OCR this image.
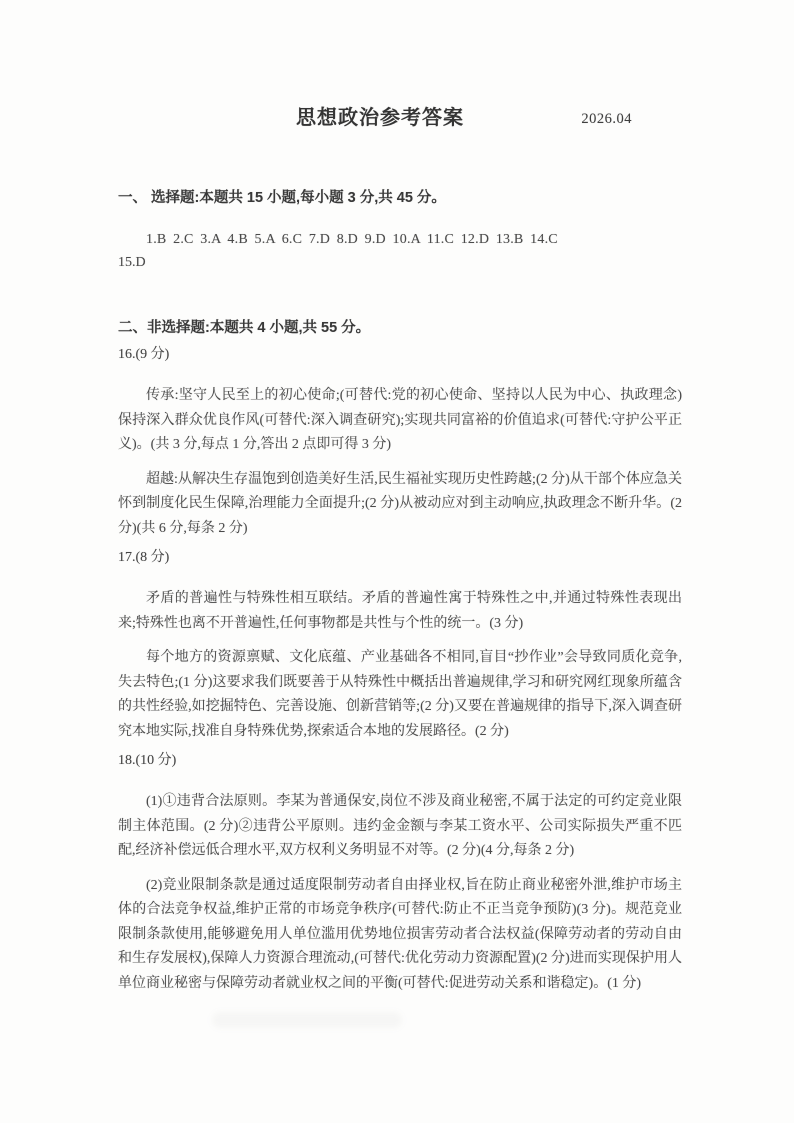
思想政治参考答案	2026.04
一、 选择题:本题共 15 小题,每小题 3 分,共 45 分。
1.B 2.C 3.A 4.B 5.A 6.C 7.D 8.D 9.D 10.A 11.C 12.D 13.B 14.C
15.D
二、非选择题:本题共 4 小题,共 55 分。
16.(9 分)

传承:坚守人民至上的初心使命;(可替代:党的初心使命、坚持以人民为中心、执政理念)保持深入群众优良作风(可替代:深入调查研究);实现共同富裕的价值追求(可替代:守护公平正义)。(共 3 分,每点 1 分,答出 2 点即可得 3 分)

超越:从解决生存温饱到创造美好生活,民生福祉实现历史性跨越;(2 分)从干部个体应急关怀到制度化民生保障,治理能力全面提升;(2 分)从被动应对到主动响应,执政理念不断升华。(2 分)(共 6 分,每条 2 分)

17.(8 分)

矛盾的普遍性与特殊性相互联结。矛盾的普遍性寓于特殊性之中,并通过特殊性表现出来;特殊性也离不开普遍性,任何事物都是共性与个性的统一。(3 分)

每个地方的资源禀赋、文化底蕴、产业基础各不相同,盲目“抄作业”会导致同质化竞争,失去特色;(1 分)这要求我们既要善于从特殊性中概括出普遍规律,学习和研究网红现象所蕴含的共性经验,如挖掘特色、完善设施、创新营销等;(2 分)又要在普遍规律的指导下,深入调查研究本地实际,找准自身特殊优势,探索适合本地的发展路径。(2 分)

18.(10 分)

(1)①违背合法原则。李某为普通保安,岗位不涉及商业秘密,不属于法定的可约定竞业限制主体范围。(2 分)②违背公平原则。违约金金额与李某工资水平、公司实际损失严重不匹配,经济补偿远低合理水平,双方权利义务明显不对等。(2 分)(4 分,每条 2 分)

(2)竞业限制条款是通过适度限制劳动者自由择业权,旨在防止商业秘密外泄,维护市场主体的合法竞争权益,维护正常的市场竞争秩序(可替代:防止不正当竞争预防)(3 分)。规范竞业限制条款使用,能够避免用人单位滥用优势地位损害劳动者合法权益(保障劳动者的劳动自由和生存发展权),保障人力资源合理流动,(可替代:优化劳动力资源配置)(2 分)进而实现保护用人单位商业秘密与保障劳动者就业权之间的平衡(可替代:促进劳动关系和谐稳定)。(1 分)
